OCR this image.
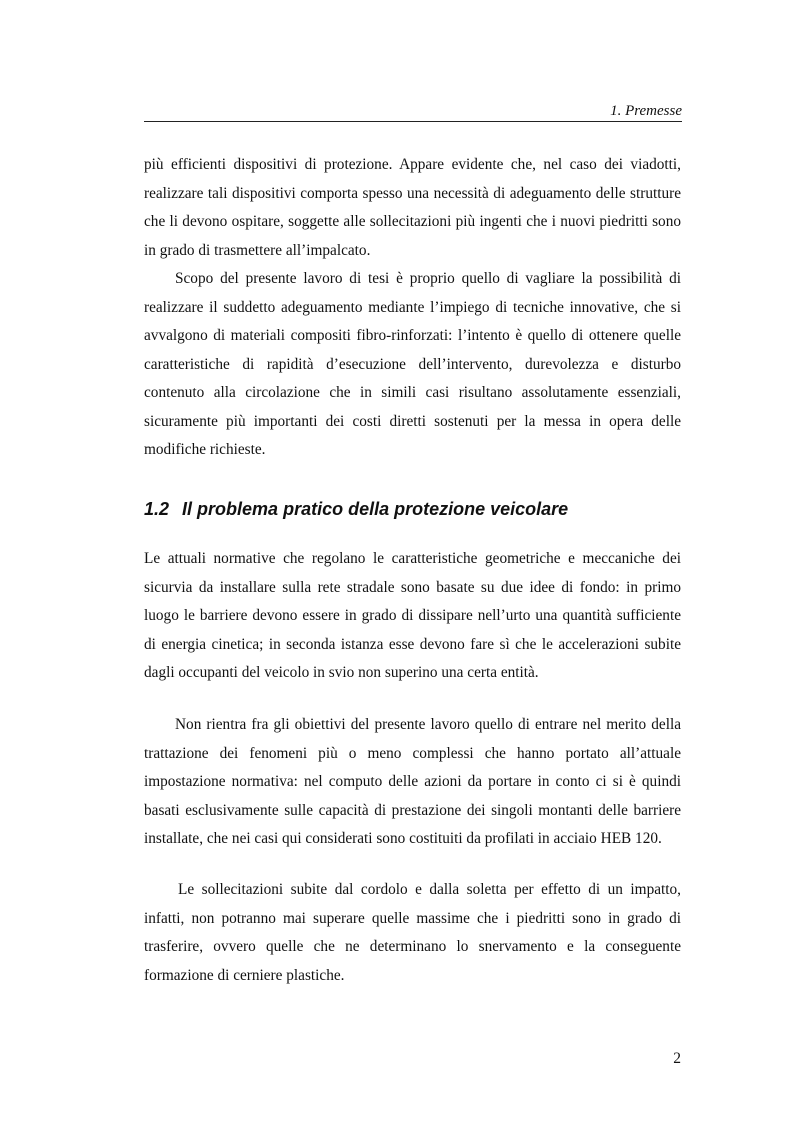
1. Premesse

più efficienti dispositivi di protezione. Appare evidente che, nel caso dei viadotti, realizzare tali dispositivi comporta spesso una necessità di adeguamento delle strutture che li devono ospitare, soggette alle sollecitazioni più ingenti che i nuovi piedritti sono in grado di trasmettere all’impalcato.

Scopo del presente lavoro di tesi è proprio quello di vagliare la possibilità di realizzare il suddetto adeguamento mediante l’impiego di tecniche innovative, che si avvalgono di materiali compositi fibro-rinforzati: l’intento è quello di ottenere quelle caratteristiche di rapidità d’esecuzione dell’intervento, durevolezza e disturbo contenuto alla circolazione che in simili casi risultano assolutamente essenziali, sicuramente più importanti dei costi diretti sostenuti per la messa in opera delle modifiche richieste.

1.2 Il problema pratico della protezione veicolare

Le attuali normative che regolano le caratteristiche geometriche e meccaniche dei sicurvia da installare sulla rete stradale sono basate su due idee di fondo: in primo luogo le barriere devono essere in grado di dissipare nell’urto una quantità sufficiente di energia cinetica; in seconda istanza esse devono fare sì che le accelerazioni subite dagli occupanti del veicolo in svio non superino una certa entità.

Non rientra fra gli obiettivi del presente lavoro quello di entrare nel merito della trattazione dei fenomeni più o meno complessi che hanno portato all’attuale impostazione normativa: nel computo delle azioni da portare in conto ci si è quindi basati esclusivamente sulle capacità di prestazione dei singoli montanti delle barriere installate, che nei casi qui considerati sono costituiti da profilati in acciaio HEB 120.

Le sollecitazioni subite dal cordolo e dalla soletta per effetto di un impatto, infatti, non potranno mai superare quelle massime che i piedritti sono in grado di trasferire, ovvero quelle che ne determinano lo snervamento e la conseguente formazione di cerniere plastiche.

2
